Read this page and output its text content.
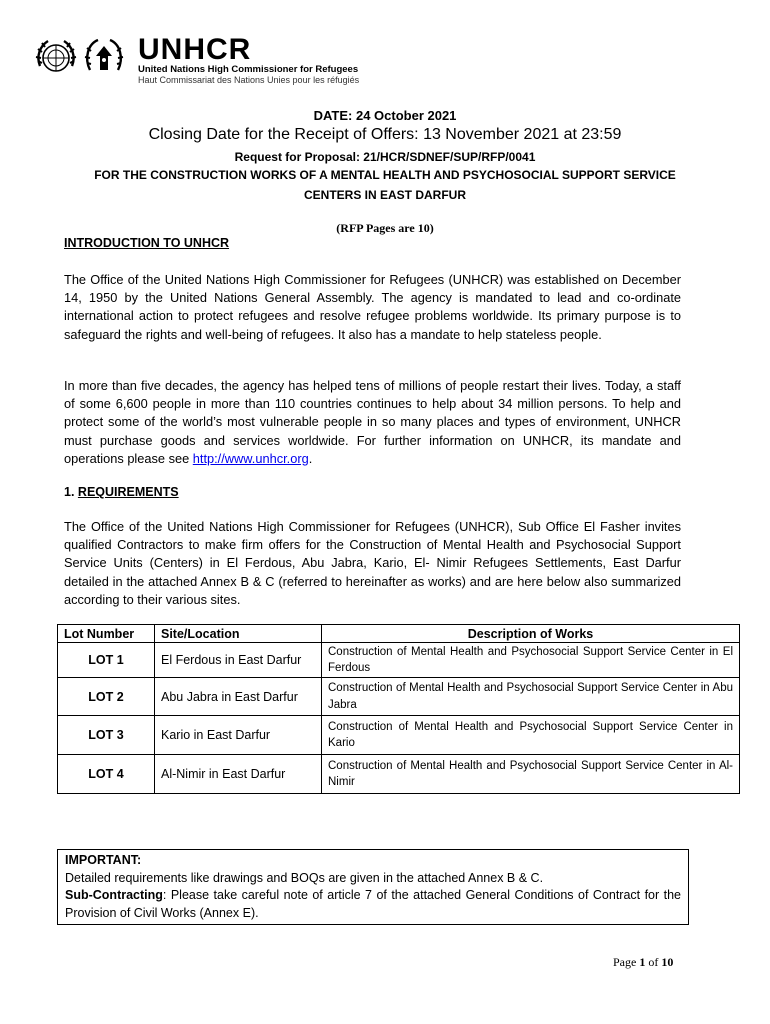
UNHCR
United Nations High Commissioner for Refugees
Haut Commissariat des Nations Unies pour les réfugiés
DATE: 24 October 2021
Closing Date for the Receipt of Offers: 13 November 2021 at 23:59
Request for Proposal: 21/HCR/SDNEF/SUP/RFP/0041
FOR THE CONSTRUCTION WORKS OF A MENTAL HEALTH AND PSYCHOSOCIAL SUPPORT SERVICE
CENTERS IN EAST DARFUR
(RFP Pages are 10)
INTRODUCTION TO UNHCR
The Office of the United Nations High Commissioner for Refugees (UNHCR) was established on December 14, 1950 by the United Nations General Assembly. The agency is mandated to lead and co-ordinate international action to protect refugees and resolve refugee problems worldwide. Its primary purpose is to safeguard the rights and well-being of refugees. It also has a mandate to help stateless people.
In more than five decades, the agency has helped tens of millions of people restart their lives. Today, a staff of some 6,600 people in more than 110 countries continues to help about 34 million persons. To help and protect some of the world’s most vulnerable people in so many places and types of environment, UNHCR must purchase goods and services worldwide. For further information on UNHCR, its mandate and operations please see http://www.unhcr.org.
1. REQUIREMENTS
The Office of the United Nations High Commissioner for Refugees (UNHCR), Sub Office El Fasher invites qualified Contractors to make firm offers for the Construction of Mental Health and Psychosocial Support Service Units (Centers) in El Ferdous, Abu Jabra, Kario, El- Nimir Refugees Settlements, East Darfur detailed in the attached Annex B & C (referred to hereinafter as works) and are here below also summarized according to their various sites.
Lot Number	Site/Location	Description of Works
LOT 1	El Ferdous in East Darfur	Construction of Mental Health and Psychosocial Support Service Center in El Ferdous
LOT 2	Abu Jabra in East Darfur	Construction of Mental Health and Psychosocial Support Service Center in Abu Jabra
LOT 3	Kario in East Darfur	Construction of Mental Health and Psychosocial Support Service Center in Kario
LOT 4	Al-Nimir in East Darfur	Construction of Mental Health and Psychosocial Support Service Center in Al-Nimir
IMPORTANT:
Detailed requirements like drawings and BOQs are given in the attached Annex B & C.
Sub-Contracting: Please take careful note of article 7 of the attached General Conditions of Contract for the Provision of Civil Works (Annex E).
Page 1 of 10
